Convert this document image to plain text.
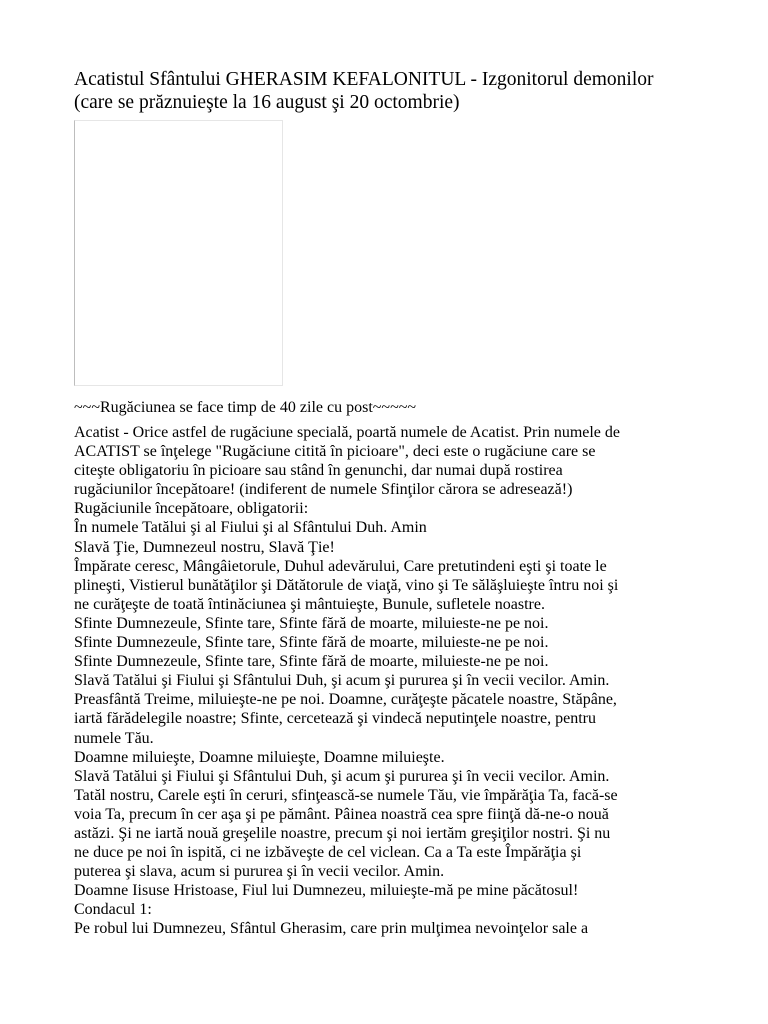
Acatistul Sfântului GHERASIM KEFALONITUL - Izgonitorul demonilor
(care se prăznuieşte la 16 august şi 20 octombrie)
~~~Rugăciunea se face timp de 40 zile cu post~~~~~
Acatist - Orice astfel de rugăciune specială, poartă numele de Acatist. Prin numele de
ACATIST se înţelege "Rugăciune citită în picioare", deci este o rugăciune care se
citeşte obligatoriu în picioare sau stând în genunchi, dar numai după rostirea
rugăciunilor începătoare! (indiferent de numele Sfinţilor cărora se adresează!)
Rugăciunile începătoare, obligatorii:
În numele Tatălui şi al Fiului şi al Sfântului Duh. Amin
Slavă Ţie, Dumnezeul nostru, Slavă Ţie!
Împărate ceresc, Mângâietorule, Duhul adevărului, Care pretutindeni eşti şi toate le
plineşti, Vistierul bunătăţilor şi Dătătorule de viaţă, vino şi Te sălăşluieşte întru noi şi
ne curăţeşte de toată întinăciunea şi mântuieşte, Bunule, sufletele noastre.
Sfinte Dumnezeule, Sfinte tare, Sfinte fără de moarte, miluieste-ne pe noi.
Sfinte Dumnezeule, Sfinte tare, Sfinte fără de moarte, miluieste-ne pe noi.
Sfinte Dumnezeule, Sfinte tare, Sfinte fără de moarte, miluieste-ne pe noi.
Slavă Tatălui şi Fiului şi Sfântului Duh, şi acum şi pururea şi în vecii vecilor. Amin.
Preasfântă Treime, miluieşte-ne pe noi. Doamne, curăţeşte păcatele noastre, Stăpâne,
iartă fărădelegile noastre; Sfinte, cercetează şi vindecă neputinţele noastre, pentru
numele Tău.
Doamne miluieşte, Doamne miluieşte, Doamne miluieşte.
Slavă Tatălui şi Fiului şi Sfântului Duh, şi acum şi pururea şi în vecii vecilor. Amin.
Tatăl nostru, Carele eşti în ceruri, sfinţească-se numele Tău, vie împărăţia Ta, facă-se
voia Ta, precum în cer aşa şi pe pământ. Pâinea noastră cea spre fiinţă dă-ne-o nouă
astăzi. Şi ne iartă nouă greşelile noastre, precum şi noi iertăm greşiţilor nostri. Şi nu
ne duce pe noi în ispită, ci ne izbăveşte de cel viclean. Ca a Ta este Împărăţia şi
puterea şi slava, acum si pururea şi în vecii vecilor. Amin.
Doamne Iisuse Hristoase, Fiul lui Dumnezeu, miluieşte-mă pe mine păcătosul!
Condacul 1:
Pe robul lui Dumnezeu, Sfântul Gherasim, care prin mulţimea nevoinţelor sale a
